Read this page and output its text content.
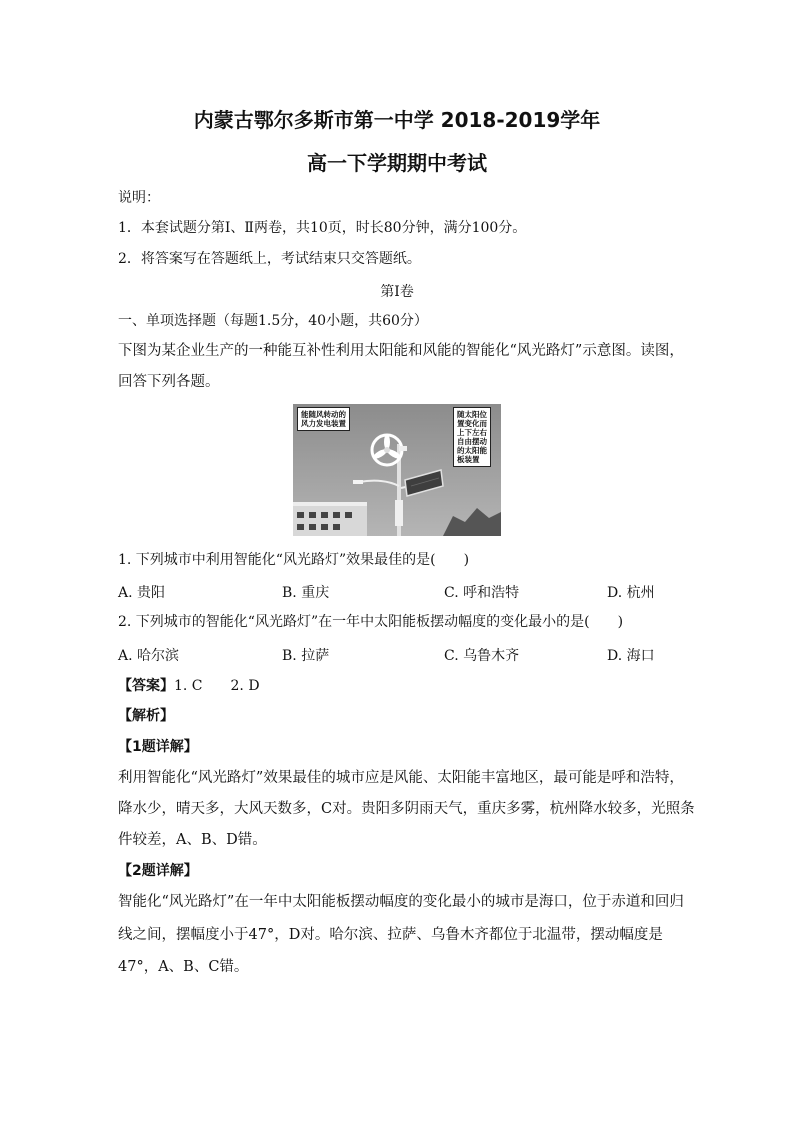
内蒙古鄂尔多斯市第一中学 2018-2019学年
高一下学期期中考试
说明：
1．本套试题分第Ⅰ、Ⅱ两卷，共10页，时长80分钟，满分100分。
2．将答案写在答题纸上，考试结束只交答题纸。
第Ⅰ卷
一、单项选择题（每题1.5分，40小题，共60分）
下图为某企业生产的一种能互补性利用太阳能和风能的智能化“风光路灯”示意图。读图，
回答下列各题。
能随风转动的
风力发电装置
随太阳位
置变化而
上下左右
自由摆动
的太阳能
板装置
1. 下列城市中利用智能化“风光路灯”效果最佳的是(　　)
A. 贵阳	B. 重庆	C. 呼和浩特	D. 杭州
2. 下列城市的智能化“风光路灯”在一年中太阳能板摆动幅度的变化最小的是(　　)
A. 哈尔滨	B. 拉萨	C. 乌鲁木齐	D. 海口
【答案】1. C　　2. D
【解析】
【1题详解】
利用智能化“风光路灯”效果最佳的城市应是风能、太阳能丰富地区，最可能是呼和浩特，
降水少，晴天多，大风天数多，C对。贵阳多阴雨天气，重庆多雾，杭州降水较多，光照条
件较差，A、B、D错。
【2题详解】
智能化“风光路灯”在一年中太阳能板摆动幅度的变化最小的城市是海口，位于赤道和回归
线之间，摆幅度小于47°，D对。哈尔滨、拉萨、乌鲁木齐都位于北温带，摆动幅度是
47°，A、B、C错。
